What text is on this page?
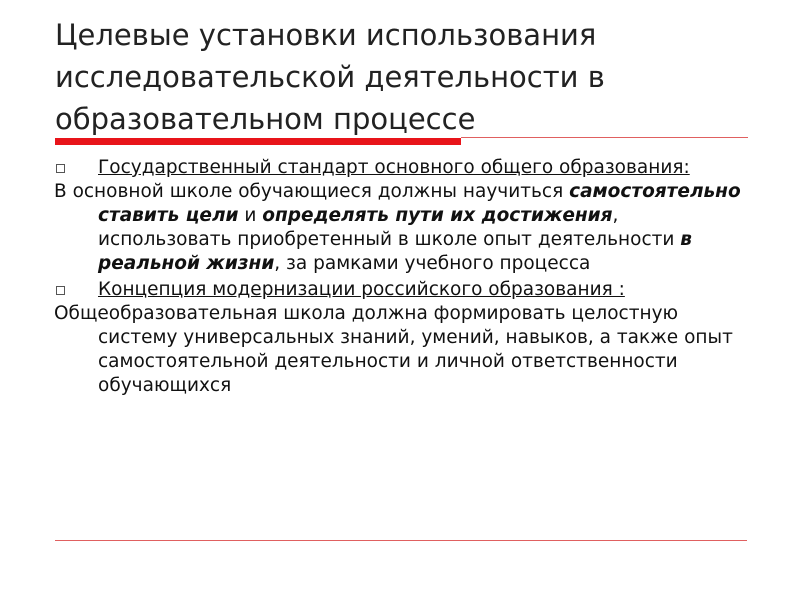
Целевые установки использования
исследовательской деятельности в
образовательном процессе
Государственный стандарт основного общего образования:
В основной школе обучающиеся должны научиться самостоятельно ставить цели и определять пути их достижения, использовать приобретенный в школе опыт деятельности в реальной жизни, за рамками учебного процесса
Концепция модернизации российского образования :
Общеобразовательная школа должна формировать целостную систему универсальных знаний, умений, навыков, а также опыт самостоятельной деятельности и личной ответственности обучающихся
